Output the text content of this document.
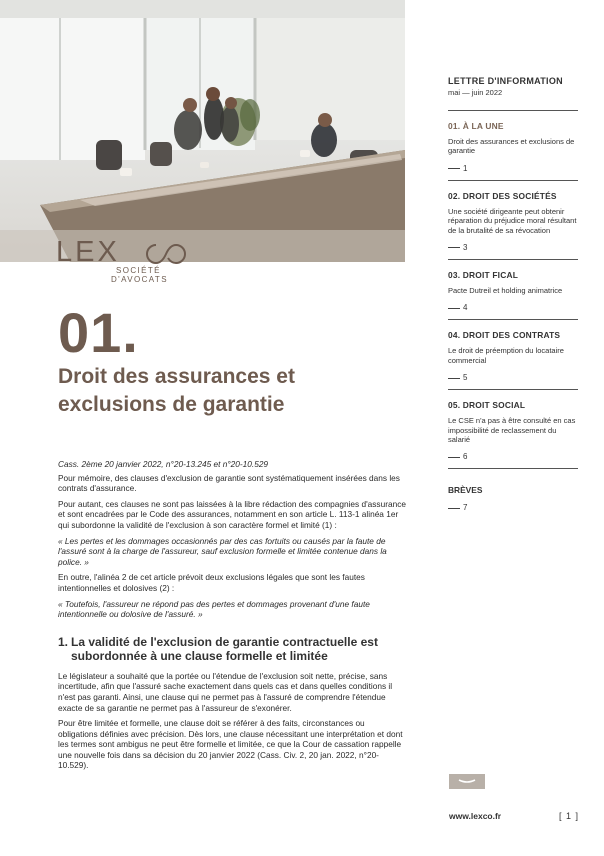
LEX
SOCIÉTÉ
D'AVOCATS
01.
Droit des assurances et exclusions de garantie

Cass. 2ème 20 janvier 2022, n°20-13.245 et n°20-10.529

Pour mémoire, des clauses d'exclusion de garantie sont systématiquement insérées dans les contrats d'assurance.

Pour autant, ces clauses ne sont pas laissées à la libre rédaction des compagnies d'assurance et sont encadrées par le Code des assurances, notamment en son article L. 113-1 alinéa 1er qui subordonne la validité de l'exclusion à son caractère formel et limité (1) :

« Les pertes et les dommages occasionnés par des cas fortuits ou causés par la faute de l'assuré sont à la charge de l'assureur, sauf exclusion formelle et limitée contenue dans la police. »

En outre, l'alinéa 2 de cet article prévoit deux exclusions légales que sont les fautes intentionnelles et dolosives (2) :

« Toutefois, l'assureur ne répond pas des pertes et dommages provenant d'une faute intentionnelle ou dolosive de l'assuré. »

1. La validité de l'exclusion de garantie contractuelle est
subordonnée à une clause formelle et limitée

Le législateur a souhaité que la portée ou l'étendue de l'exclusion soit nette, précise, sans incertitude, afin que l'assuré sache exactement dans quels cas et dans quelles conditions il n'est pas garanti. Ainsi, une clause qui ne permet pas à l'assuré de comprendre l'étendue exacte de sa garantie ne permet pas à l'assureur de s'exonérer.

Pour être limitée et formelle, une clause doit se référer à des faits, circonstances ou obligations définies avec précision. Dès lors, une clause nécessitant une interprétation et dont les termes sont ambigus ne peut être formelle et limitée, ce que la Cour de cassation rappelle une nouvelle fois dans sa décision du 20 janvier 2022 (Cass. Civ. 2, 20 jan. 2022, n°20-10.529).

LETTRE D'INFORMATION
mai — juin 2022
01. À LA UNE
Droit des assurances et exclusions de garantie
1
02. DROIT DES SOCIÉTÉS
Une société dirigeante peut obtenir réparation du préjudice moral résultant de la brutalité de sa révocation
3
03. DROIT FICAL
Pacte Dutreil et holding animatrice
4
04. DROIT DES CONTRATS
Le droit de préemption du locataire commercial
5
05. DROIT SOCIAL
Le CSE n'a pas à être consulté en cas impossibilité de reclassement du salarié
6
BRÈVES
7
www.lexco.fr	[ 1 ]
